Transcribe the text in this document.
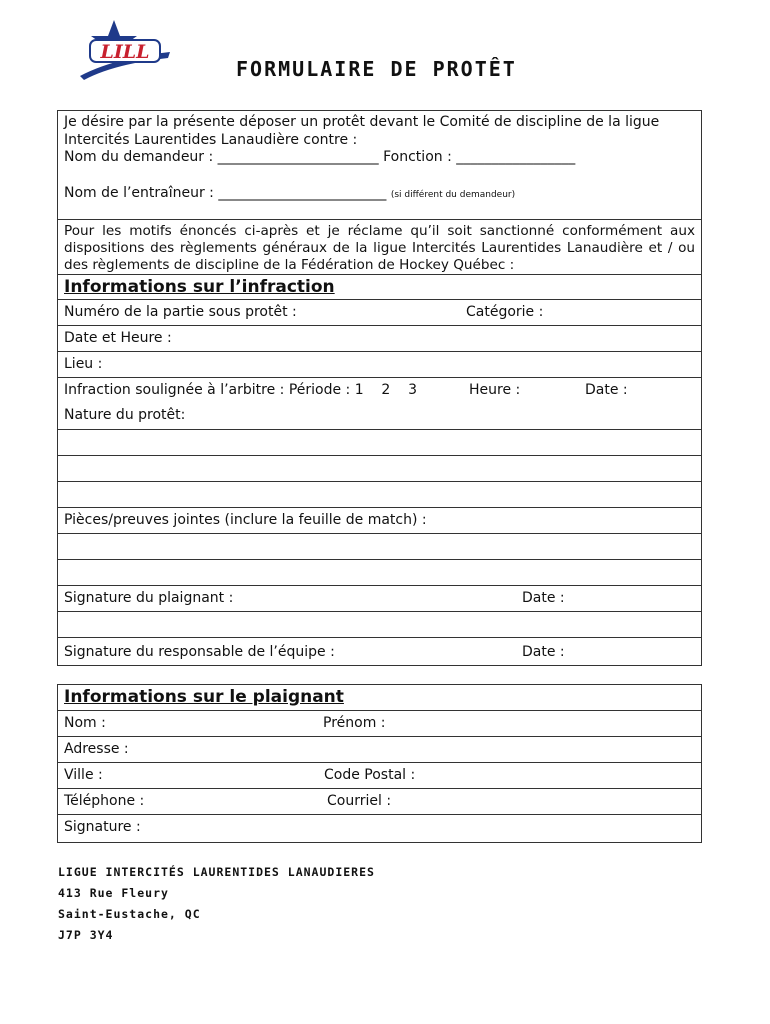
LILL
FORMULAIRE DE PROTÊT
Je désire par la présente déposer un protêt devant le Comité de discipline de la ligue Intercités Laurentides Lanaudière contre :
Nom du demandeur : _______________________ Fonction : _________________
Nom de l’entraîneur : ________________________ (si différent du demandeur)
Pour les motifs énoncés ci-après et je réclame qu’il soit sanctionné conformément aux dispositions des règlements généraux de la ligue Intercités Laurentides Lanaudière et / ou des règlements de discipline de la Fédération de Hockey Québec :
Informations sur l’infraction
Numéro de la partie sous protêt :	Catégorie :
Date et Heure :
Lieu :
Infraction soulignée à l’arbitre : Période : 1    2    3	Heure :	Date :
Nature du protêt:
Pièces/preuves jointes (inclure la feuille de match) :
Signature du plaignant :	Date :
Signature du responsable de l’équipe :	Date :
Informations sur le plaignant
Nom :	Prénom :
Adresse :
Ville :	Code Postal :
Téléphone :	Courriel :
Signature :
LIGUE INTERCITÉS LAURENTIDES LANAUDIERES
413 Rue Fleury
Saint-Eustache, QC
J7P 3Y4
